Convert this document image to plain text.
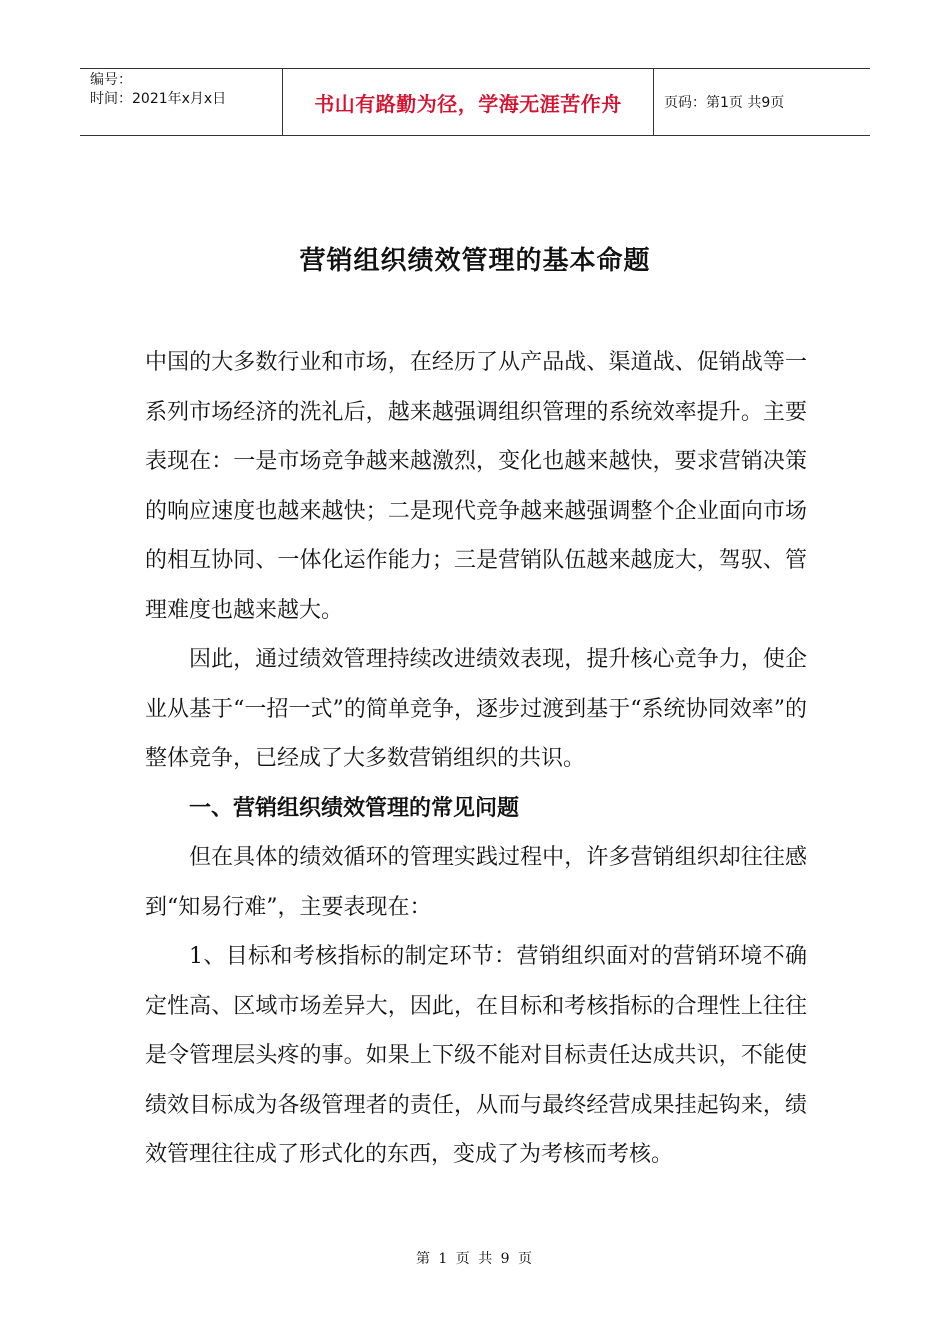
编号：
时间：2021年x月x日	书山有路勤为径，学海无涯苦作舟	页码：第1页 共9页
营销组织绩效管理的基本命题

中国的大多数行业和市场，在经历了从产品战、渠道战、促销战等一系列市场经济的洗礼后，越来越强调组织管理的系统效率提升。主要表现在：一是市场竞争越来越激烈，变化也越来越快，要求营销决策的响应速度也越来越快；二是现代竞争越来越强调整个企业面向市场的相互协同、一体化运作能力；三是营销队伍越来越庞大，驾驭、管理难度也越来越大。

因此，通过绩效管理持续改进绩效表现，提升核心竞争力，使企业从基于“一招一式”的简单竞争，逐步过渡到基于“系统协同效率”的整体竞争，已经成了大多数营销组织的共识。

一、营销组织绩效管理的常见问题

但在具体的绩效循环的管理实践过程中，许多营销组织却往往感到“知易行难”，主要表现在：

1、目标和考核指标的制定环节：营销组织面对的营销环境不确定性高、区域市场差异大，因此，在目标和考核指标的合理性上往往是令管理层头疼的事。如果上下级不能对目标责任达成共识，不能使绩效目标成为各级管理者的责任，从而与最终经营成果挂起钩来，绩效管理往往成了形式化的东西，变成了为考核而考核。

第 1 页 共 9 页
